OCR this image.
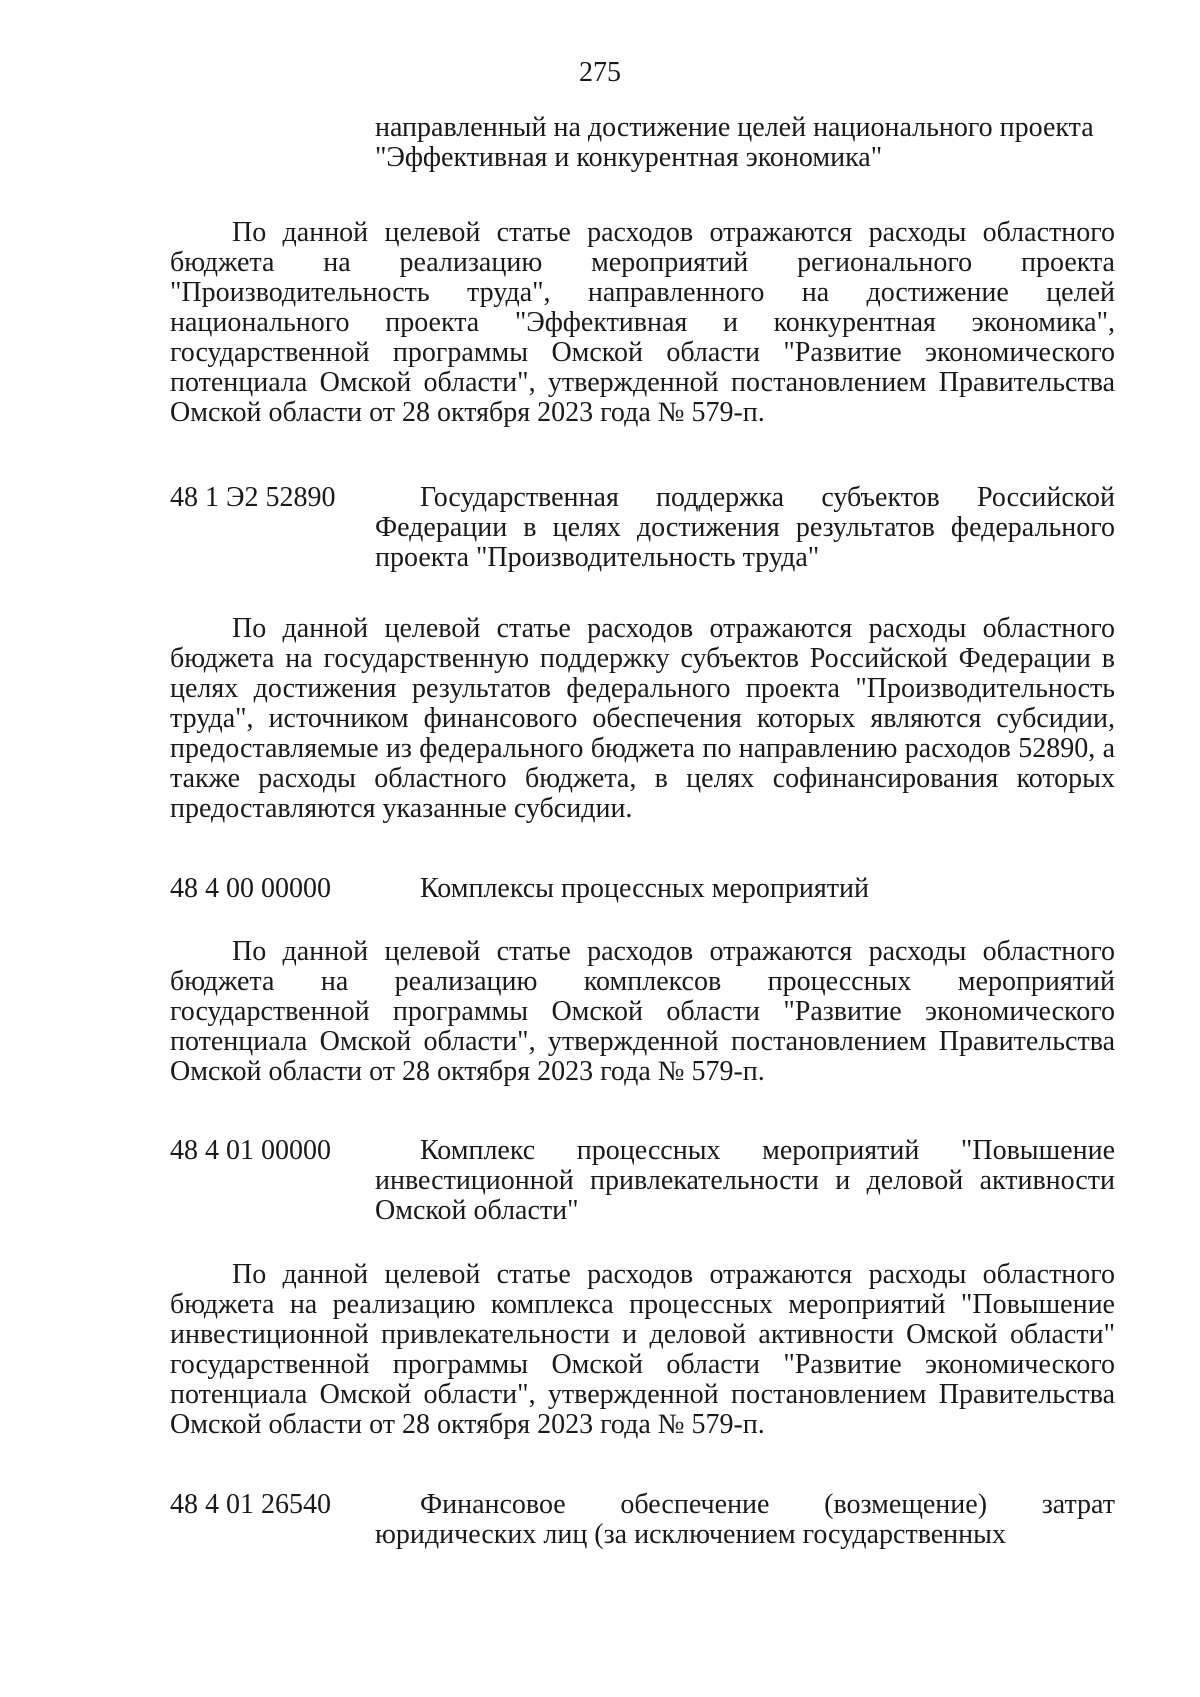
275
направленный на достижение целей национального проекта
"Эффективная и конкурентная экономика"
По данной целевой статье расходов отражаются расходы областного бюджета на реализацию мероприятий регионального проекта "Производительность труда", направленного на достижение целей национального проекта "Эффективная и конкурентная экономика", государственной программы Омской области "Развитие экономического потенциала Омской области", утвержденной постановлением Правительства Омской области от 28 октября 2023 года № 579-п.
48 1 Э2 52890	Государственная поддержка субъектов Российской Федерации в целях достижения результатов федерального проекта "Производительность труда"
По данной целевой статье расходов отражаются расходы областного бюджета на государственную поддержку субъектов Российской Федерации в целях достижения результатов федерального проекта "Производительность труда", источником финансового обеспечения которых являются субсидии, предоставляемые из федерального бюджета по направлению расходов 52890, а также расходы областного бюджета, в целях софинансирования которых предоставляются указанные субсидии.
48 4 00 00000	Комплексы процессных мероприятий
По данной целевой статье расходов отражаются расходы областного бюджета на реализацию комплексов процессных мероприятий государственной программы Омской области "Развитие экономического потенциала Омской области", утвержденной постановлением Правительства Омской области от 28 октября 2023 года № 579-п.
48 4 01 00000	Комплекс процессных мероприятий "Повышение инвестиционной привлекательности и деловой активности Омской области"
По данной целевой статье расходов отражаются расходы областного бюджета на реализацию комплекса процессных мероприятий "Повышение инвестиционной привлекательности и деловой активности Омской области" государственной программы Омской области "Развитие экономического потенциала Омской области", утвержденной постановлением Правительства Омской области от 28 октября 2023 года № 579-п.
48 4 01 26540	Финансовое обеспечение (возмещение) затрат юридических лиц (за исключением государственных
